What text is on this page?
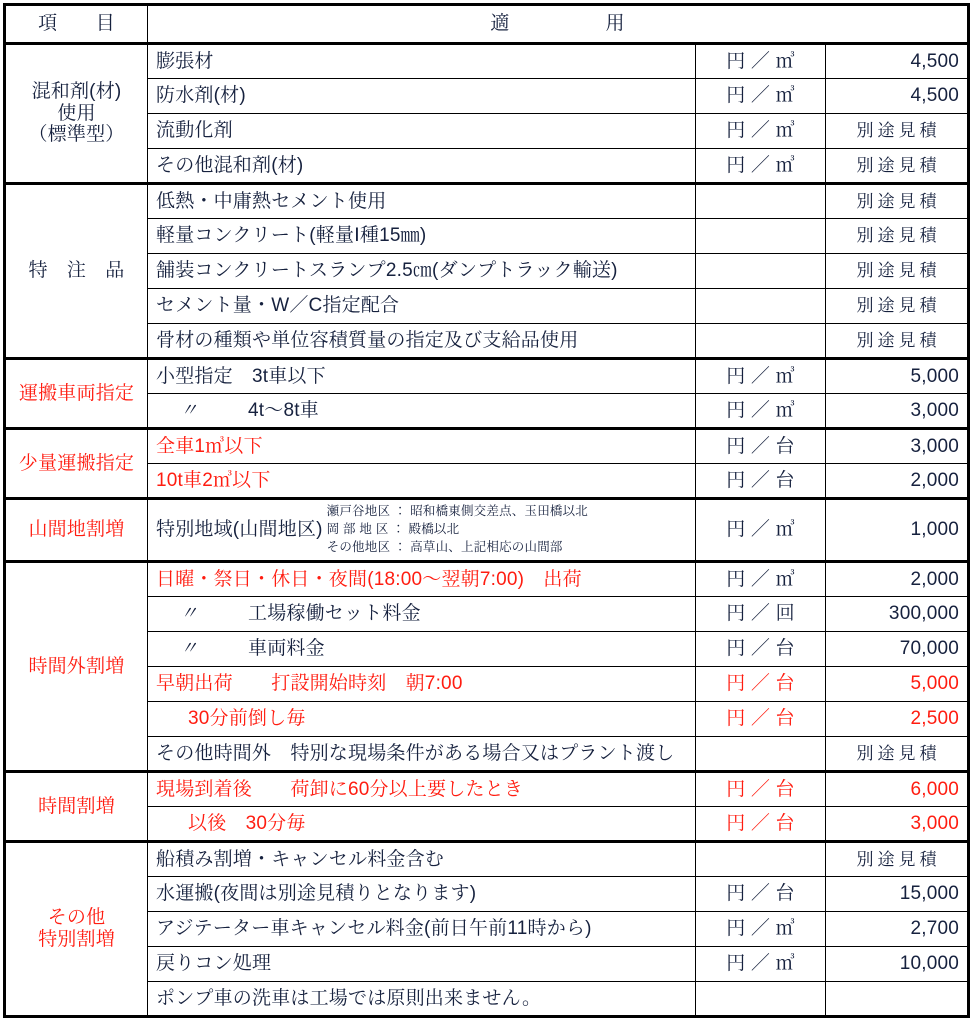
項　　目	適　　　　　用		
混和剤(材)
使用
（標準型）	膨張材	円 ／ ㎥	4,500
	防水剤(材)	円 ／ ㎥	4,500
	流動化剤	円 ／ ㎥	別途見積
	その他混和剤(材)	円 ／ ㎥	別途見積
特　注　品	低熱・中庸熱セメント使用		別途見積
	軽量コンクリート(軽量Ⅰ種15㎜)		別途見積
	舗装コンクリートスランプ2.5㎝(ダンプトラック輸送)		別途見積
	セメント量・W／C指定配合		別途見積
	骨材の種類や単位容積質量の指定及び支給品使用		別途見積
運搬車両指定	小型指定　3t車以下	円 ／ ㎥	5,000
	〃 4t〜8t車	円 ／ ㎥	3,000
少量運搬指定	全車1㎥以下	円 ／ 台	3,000
	10t車2㎥以下	円 ／ 台	2,000
山間地割増	特別地域(山間地区)
瀬戸谷地区 ： 昭和橋東側交差点、玉田橋以北
岡 部 地 区 ： 殿橋以北
その他地区 ： 高草山、上記相応の山間部	円 ／ ㎥	1,000
時間外割増	日曜・祭日・休日・夜間(18:00〜翌朝7:00)　出荷	円 ／ ㎥	2,000
	〃 工場稼働セット料金	円 ／ 回	300,000
	〃 車両料金	円 ／ 台	70,000
	早朝出荷　　打設開始時刻　朝7:00	円 ／ 台	5,000
	30分前倒し毎	円 ／ 台	2,500
	その他時間外　特別な現場条件がある場合又はプラント渡し		別途見積
時間割増	現場到着後　　荷卸に60分以上要したとき	円 ／ 台	6,000
	以後　30分毎	円 ／ 台	3,000
その他
特別割増	船積み割増・キャンセル料金含む		別途見積
	水運搬(夜間は別途見積りとなります)	円 ／ 台	15,000
	アジテーター車キャンセル料金(前日午前11時から)	円 ／ ㎥	2,700
	戻りコン処理	円 ／ ㎥	10,000
	ポンプ車の洗車は工場では原則出来ません。		
